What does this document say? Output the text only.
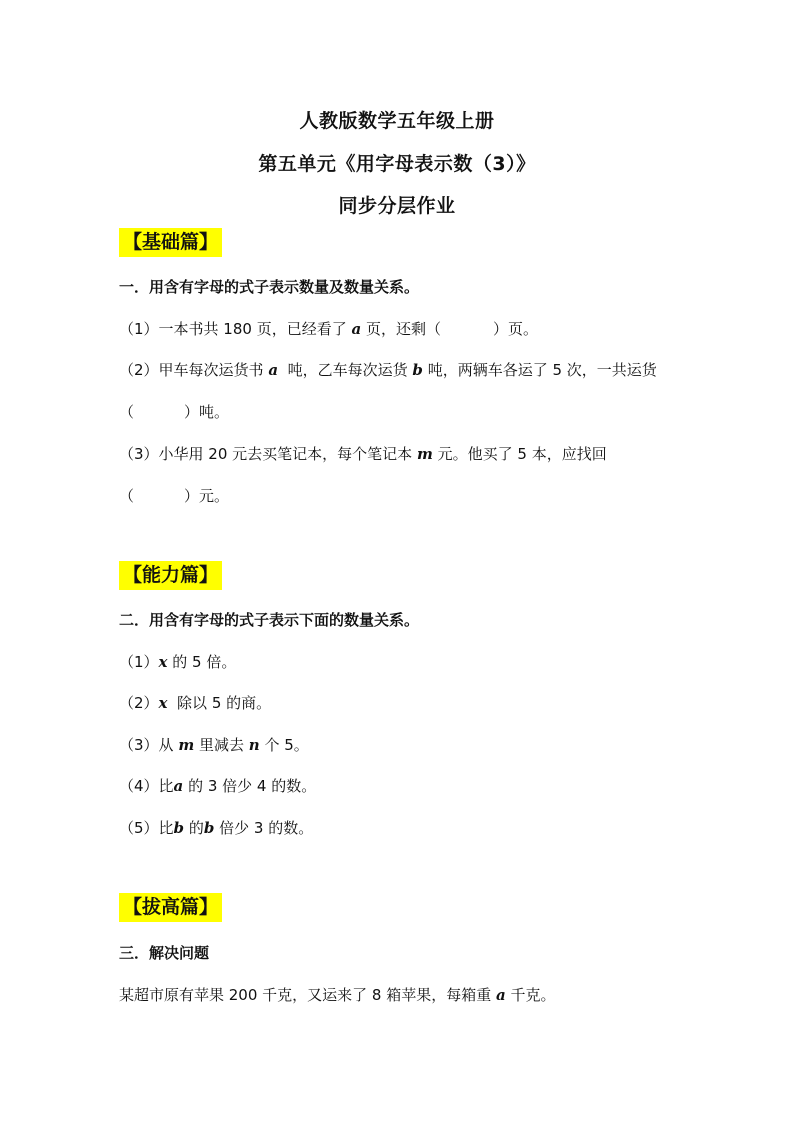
人教版数学五年级上册
第五单元《用字母表示数（3）》
同步分层作业
【基础篇】
一．用含有字母的式子表示数量及数量关系。
（1）一本书共 180 页，已经看了 a 页，还剩（	）页。
（2）甲车每次运货书 a 吨，乙车每次运货 b 吨，两辆车各运了 5 次，一共运货
（	）吨。
（3）小华用 20 元去买笔记本，每个笔记本 m 元。他买了 5 本，应找回
（	）元。
【能力篇】
二．用含有字母的式子表示下面的数量关系。
（1）x 的 5 倍。
（2）x 除以 5 的商。
（3）从 m 里减去 n 个 5。
（4）比a 的 3 倍少 4 的数。
（5）比b 的b 倍少 3 的数。
【拔高篇】
三．解决问题
某超市原有苹果 200 千克，又运来了 8 箱苹果，每箱重 a 千克。
